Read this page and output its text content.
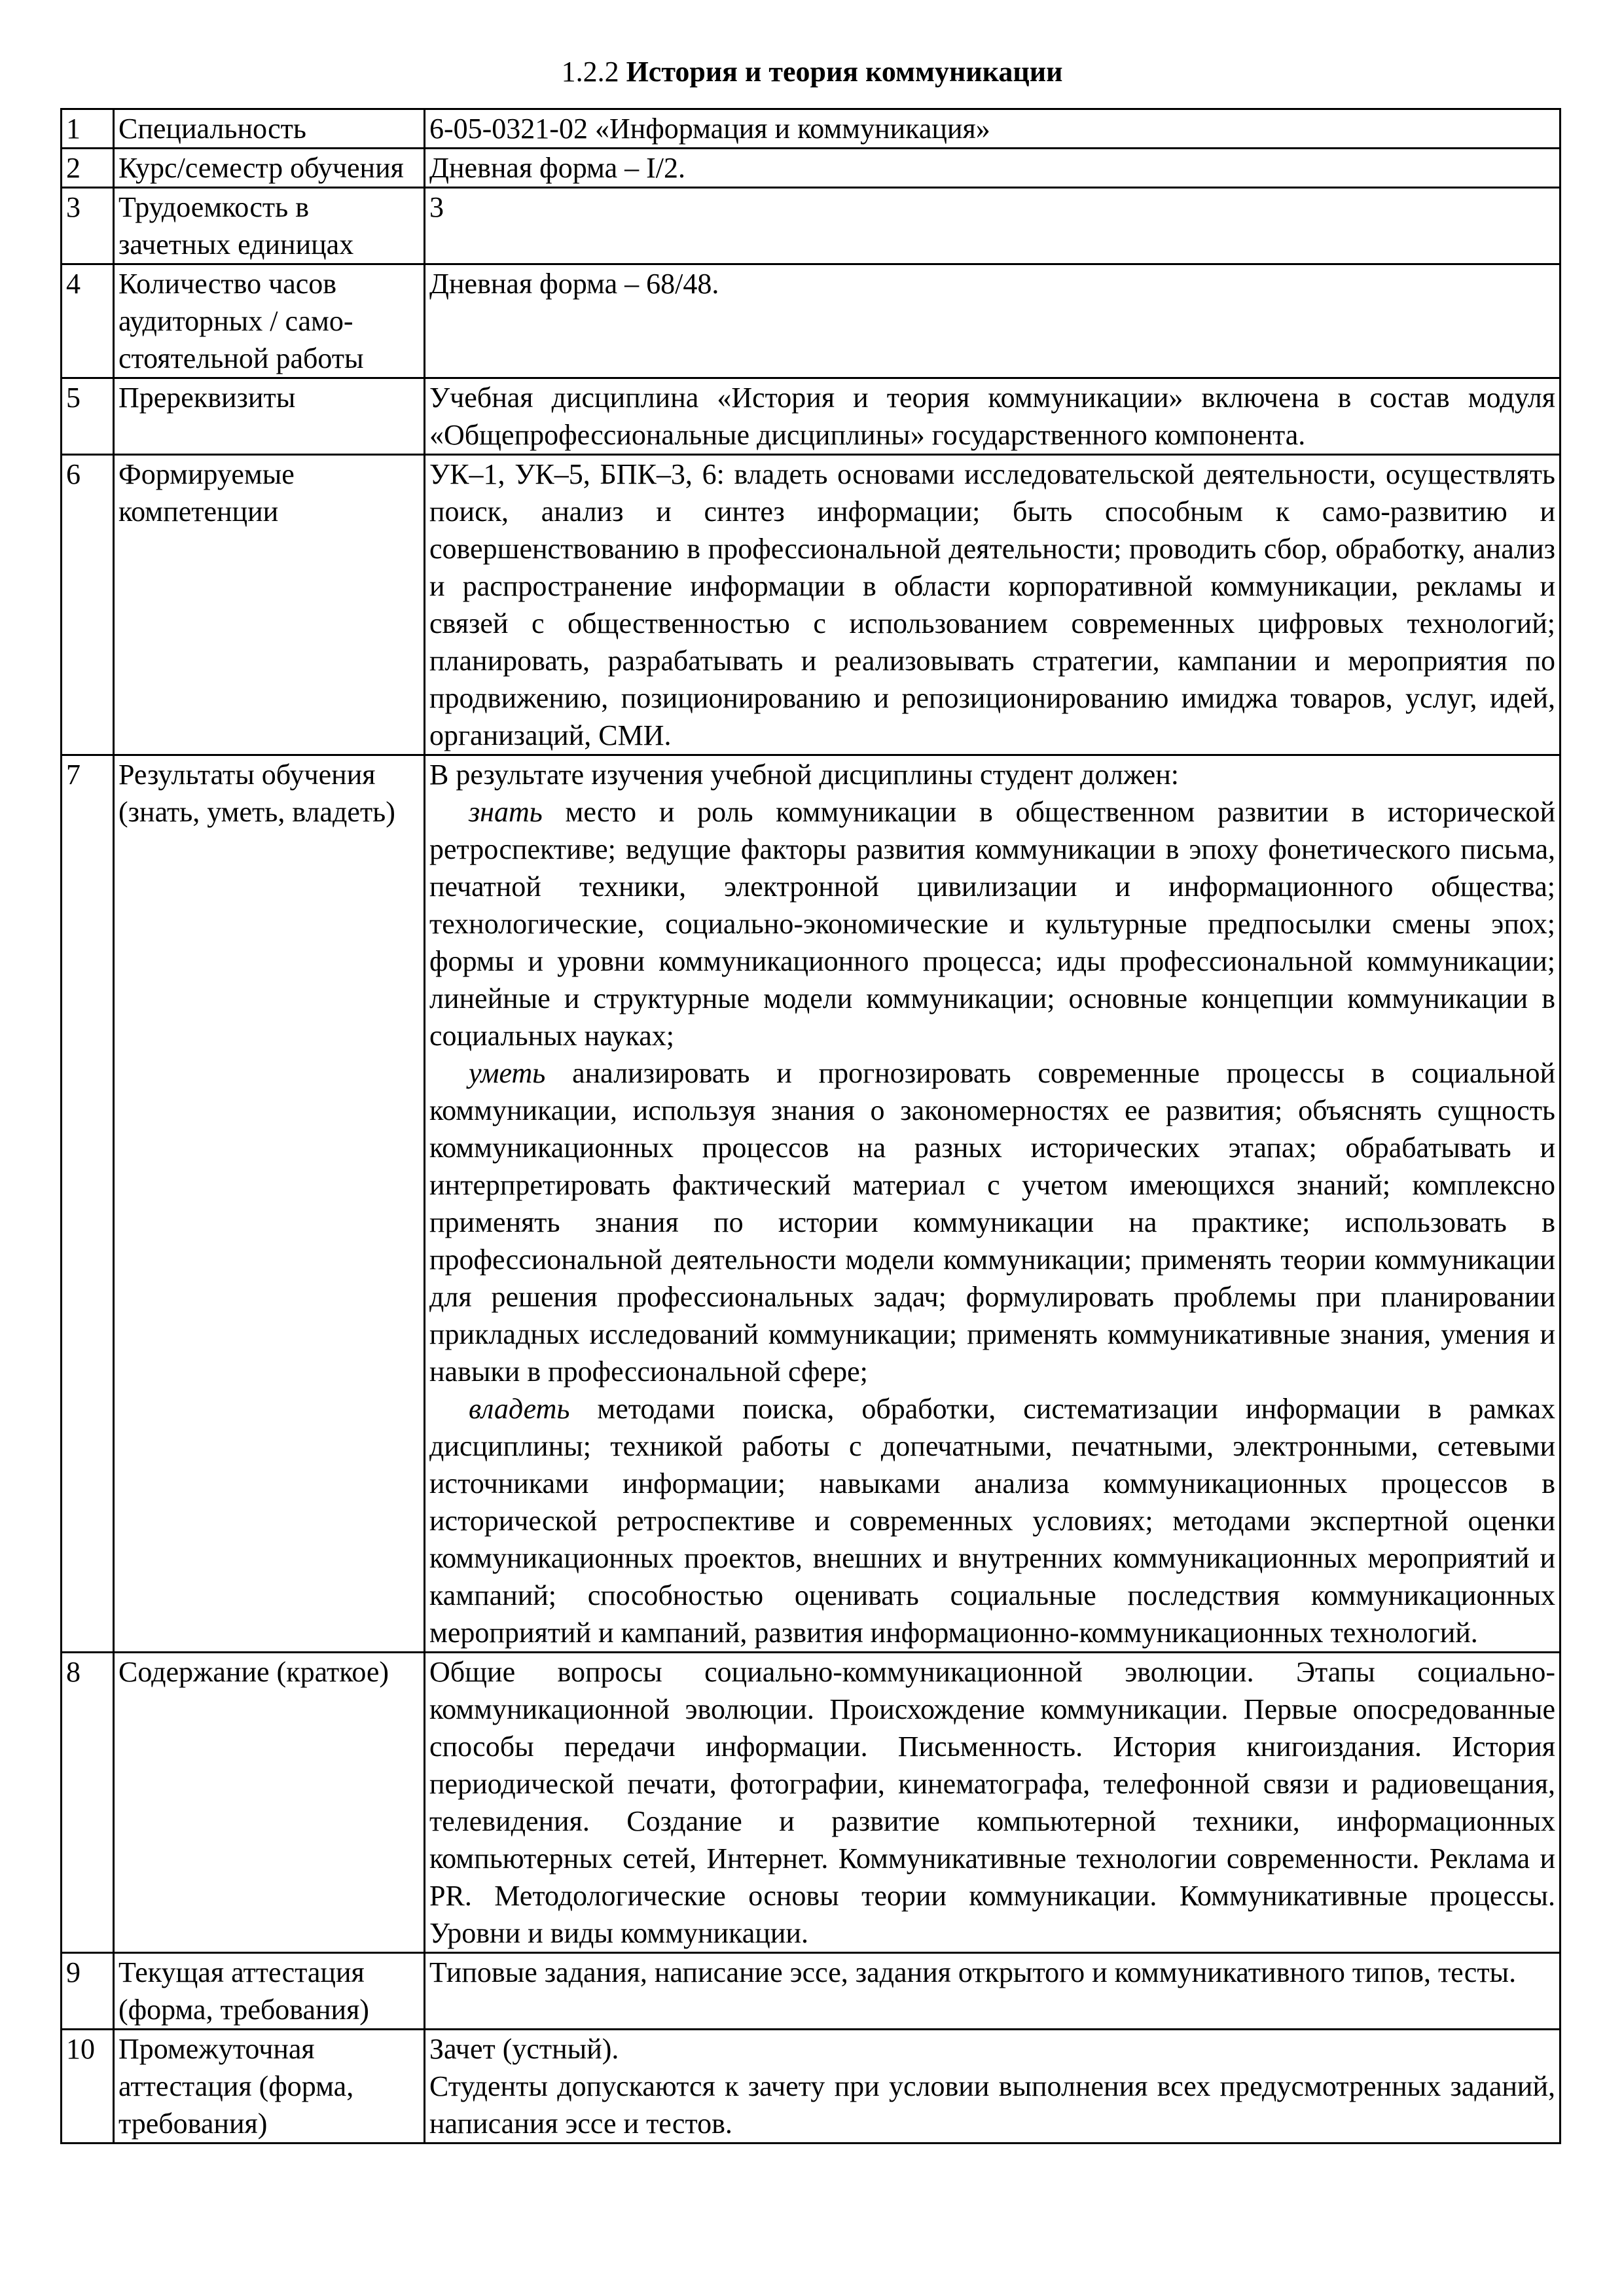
1.2.2 История и теория коммуникации
1	Специальность	6-05-0321-02 «Информация и коммуникация»
2	Курс/семестр обучения	Дневная форма – I/2.
3	Трудоемкость в зачетных единицах	3
4	Количество часов аудиторных / само-стоятельной работы	Дневная форма – 68/48.
5	Пререквизиты	Учебная дисциплина «История и теория коммуникации» включена в состав модуля «Общепрофессиональные дисциплины» государственного компонента.
6	Формируемые компетенции	УК–1, УК–5, БПК–3, 6: владеть основами исследовательской деятельности, осуществлять поиск, анализ и синтез информации; быть способным к само-развитию и совершенствованию в профессиональной деятельности; проводить сбор, обработку, анализ и распространение информации в области корпоративной коммуникации, рекламы и связей с общественностью с использованием современных цифровых технологий; планировать, разрабатывать и реализовывать стратегии, кампании и мероприятия по продвижению, позиционированию и репозиционированию имиджа товаров, услуг, идей, организаций, СМИ.
7	Результаты обучения (знать, уметь, владеть)	В результате изучения учебной дисциплины студент должен:

знать место и роль коммуникации в общественном развитии в исторической ретроспективе; ведущие факторы развития коммуникации в эпоху фонетического письма, печатной техники, электронной цивилизации и информационного общества; технологические, социально-экономические и культурные предпосылки смены эпох; формы и уровни коммуникационного процесса; иды профессиональной коммуникации; линейные и структурные модели коммуникации; основные концепции коммуникации в социальных науках;

уметь анализировать и прогнозировать современные процессы в социальной коммуникации, используя знания о закономерностях ее развития; объяснять сущность коммуникационных процессов на разных исторических этапах; обрабатывать и интерпретировать фактический материал с учетом имеющихся знаний; комплексно применять знания по истории коммуникации на практике; использовать в профессиональной деятельности модели коммуникации; применять теории коммуникации для решения профессиональных задач; формулировать проблемы при планировании прикладных исследований коммуникации; применять коммуникативные знания, умения и навыки в профессиональной сфере;

владеть методами поиска, обработки, систематизации информации в рамках дисциплины; техникой работы с допечатными, печатными, электронными, сетевыми источниками информации; навыками анализа коммуникационных процессов в исторической ретроспективе и современных условиях; методами экспертной оценки коммуникационных проектов, внешних и внутренних коммуникационных мероприятий и кампаний; способностью оценивать социальные последствия коммуникационных мероприятий и кампаний, развития информационно-коммуникационных технологий.

8	Содержание (краткое)	Общие вопросы социально-коммуникационной эволюции. Этапы социально-коммуникационной эволюции. Происхождение коммуникации. Первые опосредованные способы передачи информации. Письменность. История книгоиздания. История периодической печати, фотографии, кинематографа, телефонной связи и радиовещания, телевидения. Создание и развитие компьютерной техники, информационных компьютерных сетей, Интернет. Коммуникативные технологии современности. Реклама и PR. Методологические основы теории коммуникации. Коммуникативные процессы. Уровни и виды коммуникации.
9	Текущая аттестация (форма, требования)	Типовые задания, написание эссе, задания открытого и коммуникативного типов, тесты.
10	Промежуточная аттестация (форма, требования)	Зачет (устный).

Студенты допускаются к зачету при условии выполнения всех предусмотренных заданий, написания эссе и тестов.
